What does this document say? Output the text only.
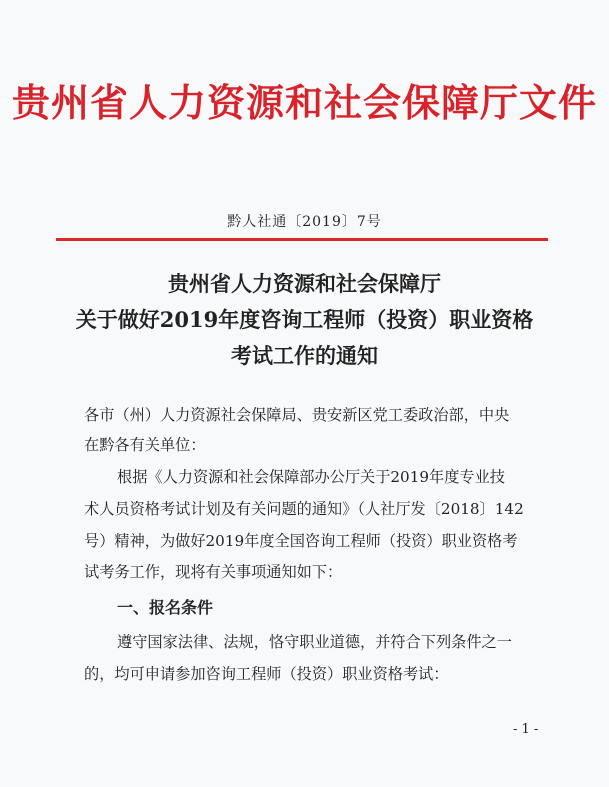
贵州省人力资源和社会保障厅文件
黔人社通〔2019〕7号
贵州省人力资源和社会保障厅
关于做好2019年度咨询工程师（投资）职业资格
考试工作的通知
各市（州）人力资源社会保障局、贵安新区党工委政治部，中央
在黔各有关单位：
根据《人力资源和社会保障部办公厅关于2019年度专业技
术人员资格考试计划及有关问题的通知》（人社厅发〔2018〕142
号）精神，为做好2019年度全国咨询工程师（投资）职业资格考
试考务工作，现将有关事项通知如下：
一、报名条件
遵守国家法律、法规，恪守职业道德，并符合下列条件之一
的，均可申请参加咨询工程师（投资）职业资格考试：
- 1 -
